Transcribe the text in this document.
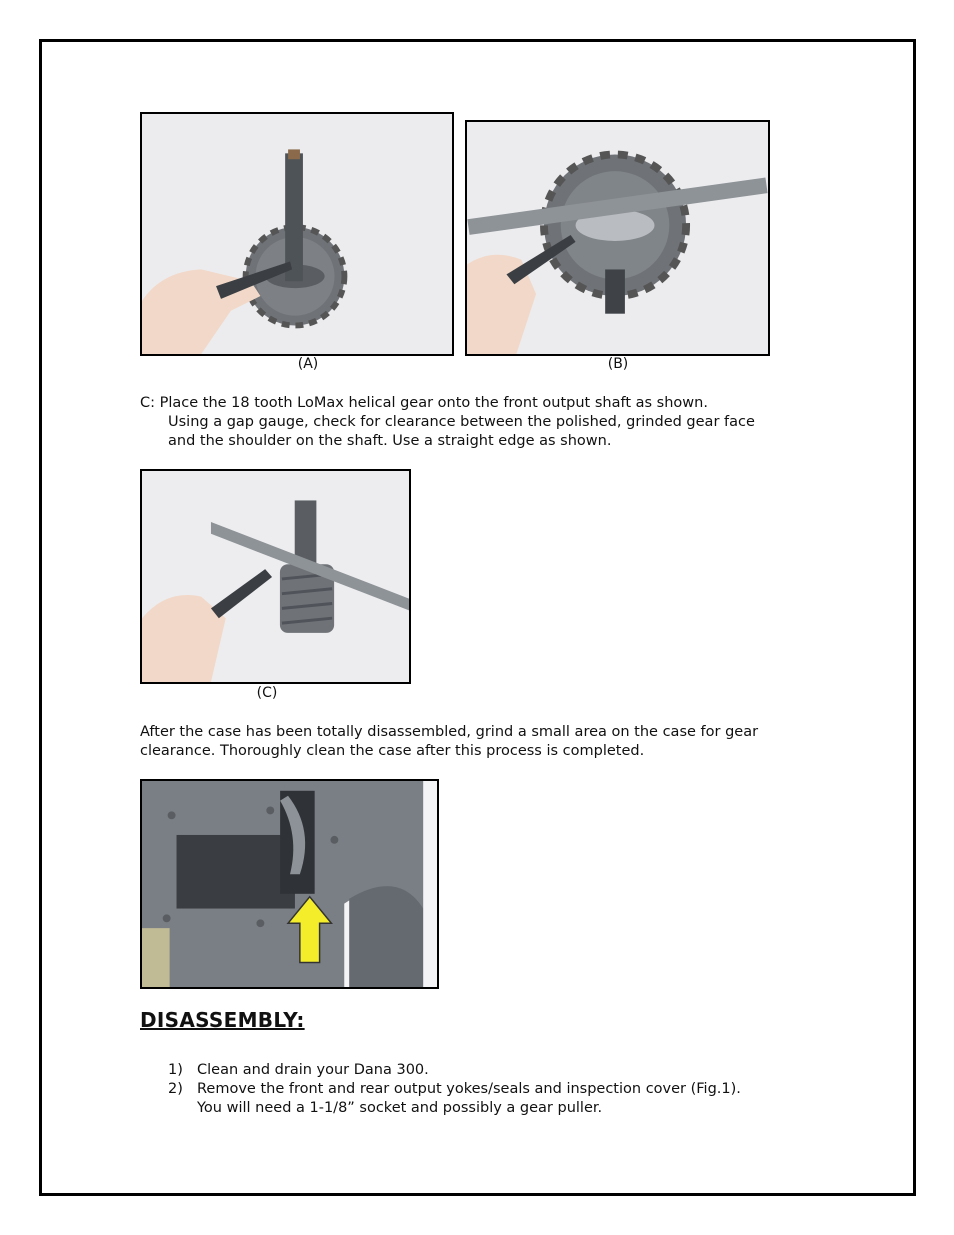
(A)	(B)

C: Place the 18 tooth LoMax helical gear onto the front output shaft as shown.
Using a gap gauge, check for clearance between the polished, grinded gear face
and the shoulder on the shaft. Use a straight edge as shown.

(C)

After the case has been totally disassembled, grind a small area on the case for gear
clearance. Thoroughly clean the case after this process is completed.

DISASSEMBLY:
1) Clean and drain your Dana 300.
2) Remove the front and rear output yokes/seals and inspection cover (Fig.1).
You will need a 1-1/8” socket and possibly a gear puller.
